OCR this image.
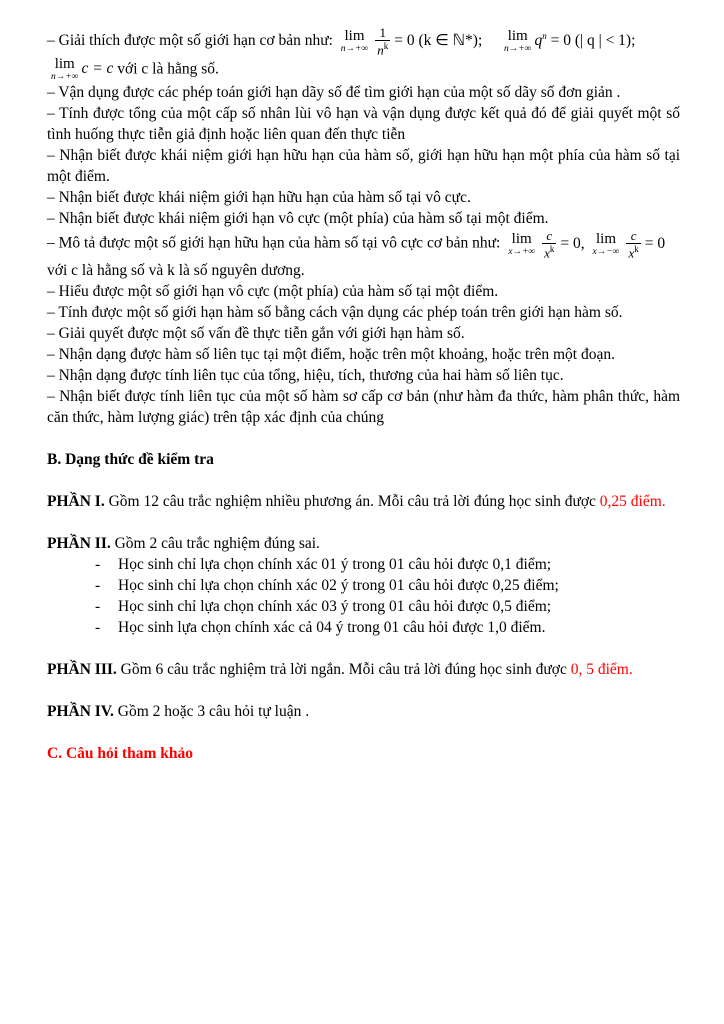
– Giải thích được một số giới hạn cơ bản như: lim
$n\to+\infty \frac{1}{n^k} = 0$ (k ∈ ℕ*); lim
n→+∞ $q^n = 0$ (| q | < 1);

lim
n→+∞ c = c với c là hằng số.

– Vận dụng được các phép toán giới hạn dãy số để tìm giới hạn của một số dãy số đơn giản .

– Tính được tổng của một cấp số nhân lùi vô hạn và vận dụng được kết quả đó để giải quyết một số tình huống thực tiễn giả định hoặc liên quan đến thực tiễn

– Nhận biết được khái niệm giới hạn hữu hạn của hàm số, giới hạn hữu hạn một phía của hàm số tại một điểm.

– Nhận biết được khái niệm giới hạn hữu hạn của hàm số tại vô cực.

– Nhận biết được khái niệm giới hạn vô cực (một phía) của hàm số tại một điểm.

– Mô tả được một số giới hạn hữu hạn của hàm số tại vô cực cơ bản như: lim
$x\to+\infty \frac{c}{x^k} = 0$, lim
$x\to-\infty \frac{c}{x^k} = 0$

với c là hằng số và k là số nguyên dương.

– Hiểu được một số giới hạn vô cực (một phía) của hàm số tại một điểm.

– Tính được một số giới hạn hàm số bằng cách vận dụng các phép toán trên giới hạn hàm số.

– Giải quyết được một số vấn đề thực tiễn gắn với giới hạn hàm số.

– Nhận dạng được hàm số liên tục tại một điểm, hoặc trên một khoảng, hoặc trên một đoạn.

– Nhận dạng được tính liên tục của tổng, hiệu, tích, thương của hai hàm số liên tục.

– Nhận biết được tính liên tục của một số hàm sơ cấp cơ bản (như hàm đa thức, hàm phân thức, hàm căn thức, hàm lượng giác) trên tập xác định của chúng

B. Dạng thức đề kiểm tra

PHẦN I. Gồm 12 câu trắc nghiệm nhiều phương án. Mỗi câu trả lời đúng học sinh được 0,25 điểm.

PHẦN II. Gồm 2 câu trắc nghiệm đúng sai.

-	Học sinh chỉ lựa chọn chính xác 01 ý trong 01 câu hỏi được 0,1 điểm;
-	Học sinh chỉ lựa chọn chính xác 02 ý trong 01 câu hỏi được 0,25 điểm;
-	Học sinh chỉ lựa chọn chính xác 03 ý trong 01 câu hỏi được 0,5 điểm;
-	Học sinh lựa chọn chính xác cả 04 ý trong 01 câu hỏi được 1,0 điểm.

PHẦN III. Gồm 6 câu trắc nghiệm trả lời ngắn. Mỗi câu trả lời đúng học sinh được 0, 5 điểm.

PHẦN IV. Gồm 2 hoặc 3 câu hỏi tự luận .

C. Câu hỏi tham khảo
